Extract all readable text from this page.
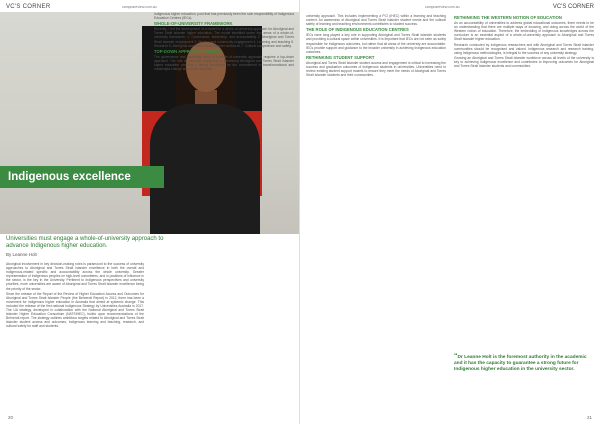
VC'S CORNER	campusreview.com.au
Indigenous excellence
Universities must engage a whole-of-university approach to advance Indigenous higher education.
By Leanne Holt
Aboriginal involvement in key decision-making roles is paramount to the success of university approaches to Aboriginal and Torres Strait Islander excellence in both the overall and Indigenous-related specific and accountability across the whole university. Greater representation of Indigenous peoples on high-level committees, and in positions of influence in the sector, is the key in the University. Pertinent to Indigenous perspectives and university priorities, more universities are aware of Aboriginal and Torres Strait Islander excellence being the priority of the sector.
Since the release of the Report of the Review of Higher Education Access and Outcomes for Aboriginal and Torres Strait Islander People (the Behrendt Report) in 2012, there has been a movement for Indigenous higher education in Australia that aimed at systemic change. This included the release of the first national Indigenous Strategy by Universities Australia in 2017. The UA strategy, developed in collaboration with the National Aboriginal and Torres Strait Islander Higher Education Consortium (NATSIHEC), builds upon recommendations of the Behrendt report. The strategy outlines ambitious targets related to Aboriginal and Torres Strait Islander student access and outcomes, Indigenous learning and teaching, research, and cultural safety for staff and students.
Indigenous higher education, post that has previously been the sole responsibility of Indigenous Education Centres (IECs).
WHOLE-OF-UNIVERSITY FRAMEWORK
Recently, I led the development of a model for a whole-of-university approach for Aboriginal and Torres Strait Islander higher education. The model identified seven key areas of a whole-of-university framework: 1. Governance, leadership, and accountability 2. Aboriginal and Torres Strait Islander employment 3. Student and community engagement 4. Learning and teaching 5. Research 6. Aboriginal and Torres Strait Islander workforce 7. Cultural competence and safety.
TOP-DOWN APPROACH NEEDED
The governance and leadership area of a whole-of-university approach requires a top-down approach. The role of university leadership in advancing Aboriginal and Torres Strait Islander higher education provides a strong foundation for the commitment to transformational and meaningful change across the university.
20
campusreview.com.au	VC'S CORNER
university approach. This includes implementing a PCI (IHEC) within a learning and teaching context. An awareness of Aboriginal and Torres Strait Islander student needs and the cultural safety of learning and teaching environments contributes to student success.
THE ROLE OF INDIGENOUS EDUCATION CENTRES
IECs have long played a key role in supporting Aboriginal and Torres Strait Islander students and providing a cultural space within universities. It is important that IECs are not seen as solely responsible for Indigenous outcomes, but rather that all areas of the university are accountable. IECs provide support and guidance to the broader university in achieving Indigenous education outcomes.
RETHINKING STUDENT SUPPORT
Aboriginal and Torres Strait Islander student access and engagement is critical to increasing the success and graduation outcomes of Indigenous students in universities. Universities need to review existing student support models to ensure they meet the needs of Aboriginal and Torres Strait Islander students and their communities.
RETHINKING THE WESTERN NOTION OF EDUCATION
As an accountability of universities to address global educational outcomes, there needs to be an understanding that there are multiple ways of knowing, and doing across the world of the Western notion of education. Therefore, the embedding of Indigenous knowledges across the curriculum is an essential aspect of a whole-of-university approach to Aboriginal and Torres Strait Islander higher education.
Research conducted by Indigenous researchers and with Aboriginal and Torres Strait Islander communities should be recognised and valued. Indigenous research and research training, using Indigenous methodologies, is integral to the success of any university strategy.
Growing an Aboriginal and Torres Strait Islander workforce across all levels of the university is key to achieving Indigenous excellence and contributes to improving outcomes for Aboriginal and Torres Strait Islander students and communities.
“Dr Leanne Holt is the foremost authority in the academic and it has the capacity to guarantee a strong future for Indigenous higher education in the university sector.
21
